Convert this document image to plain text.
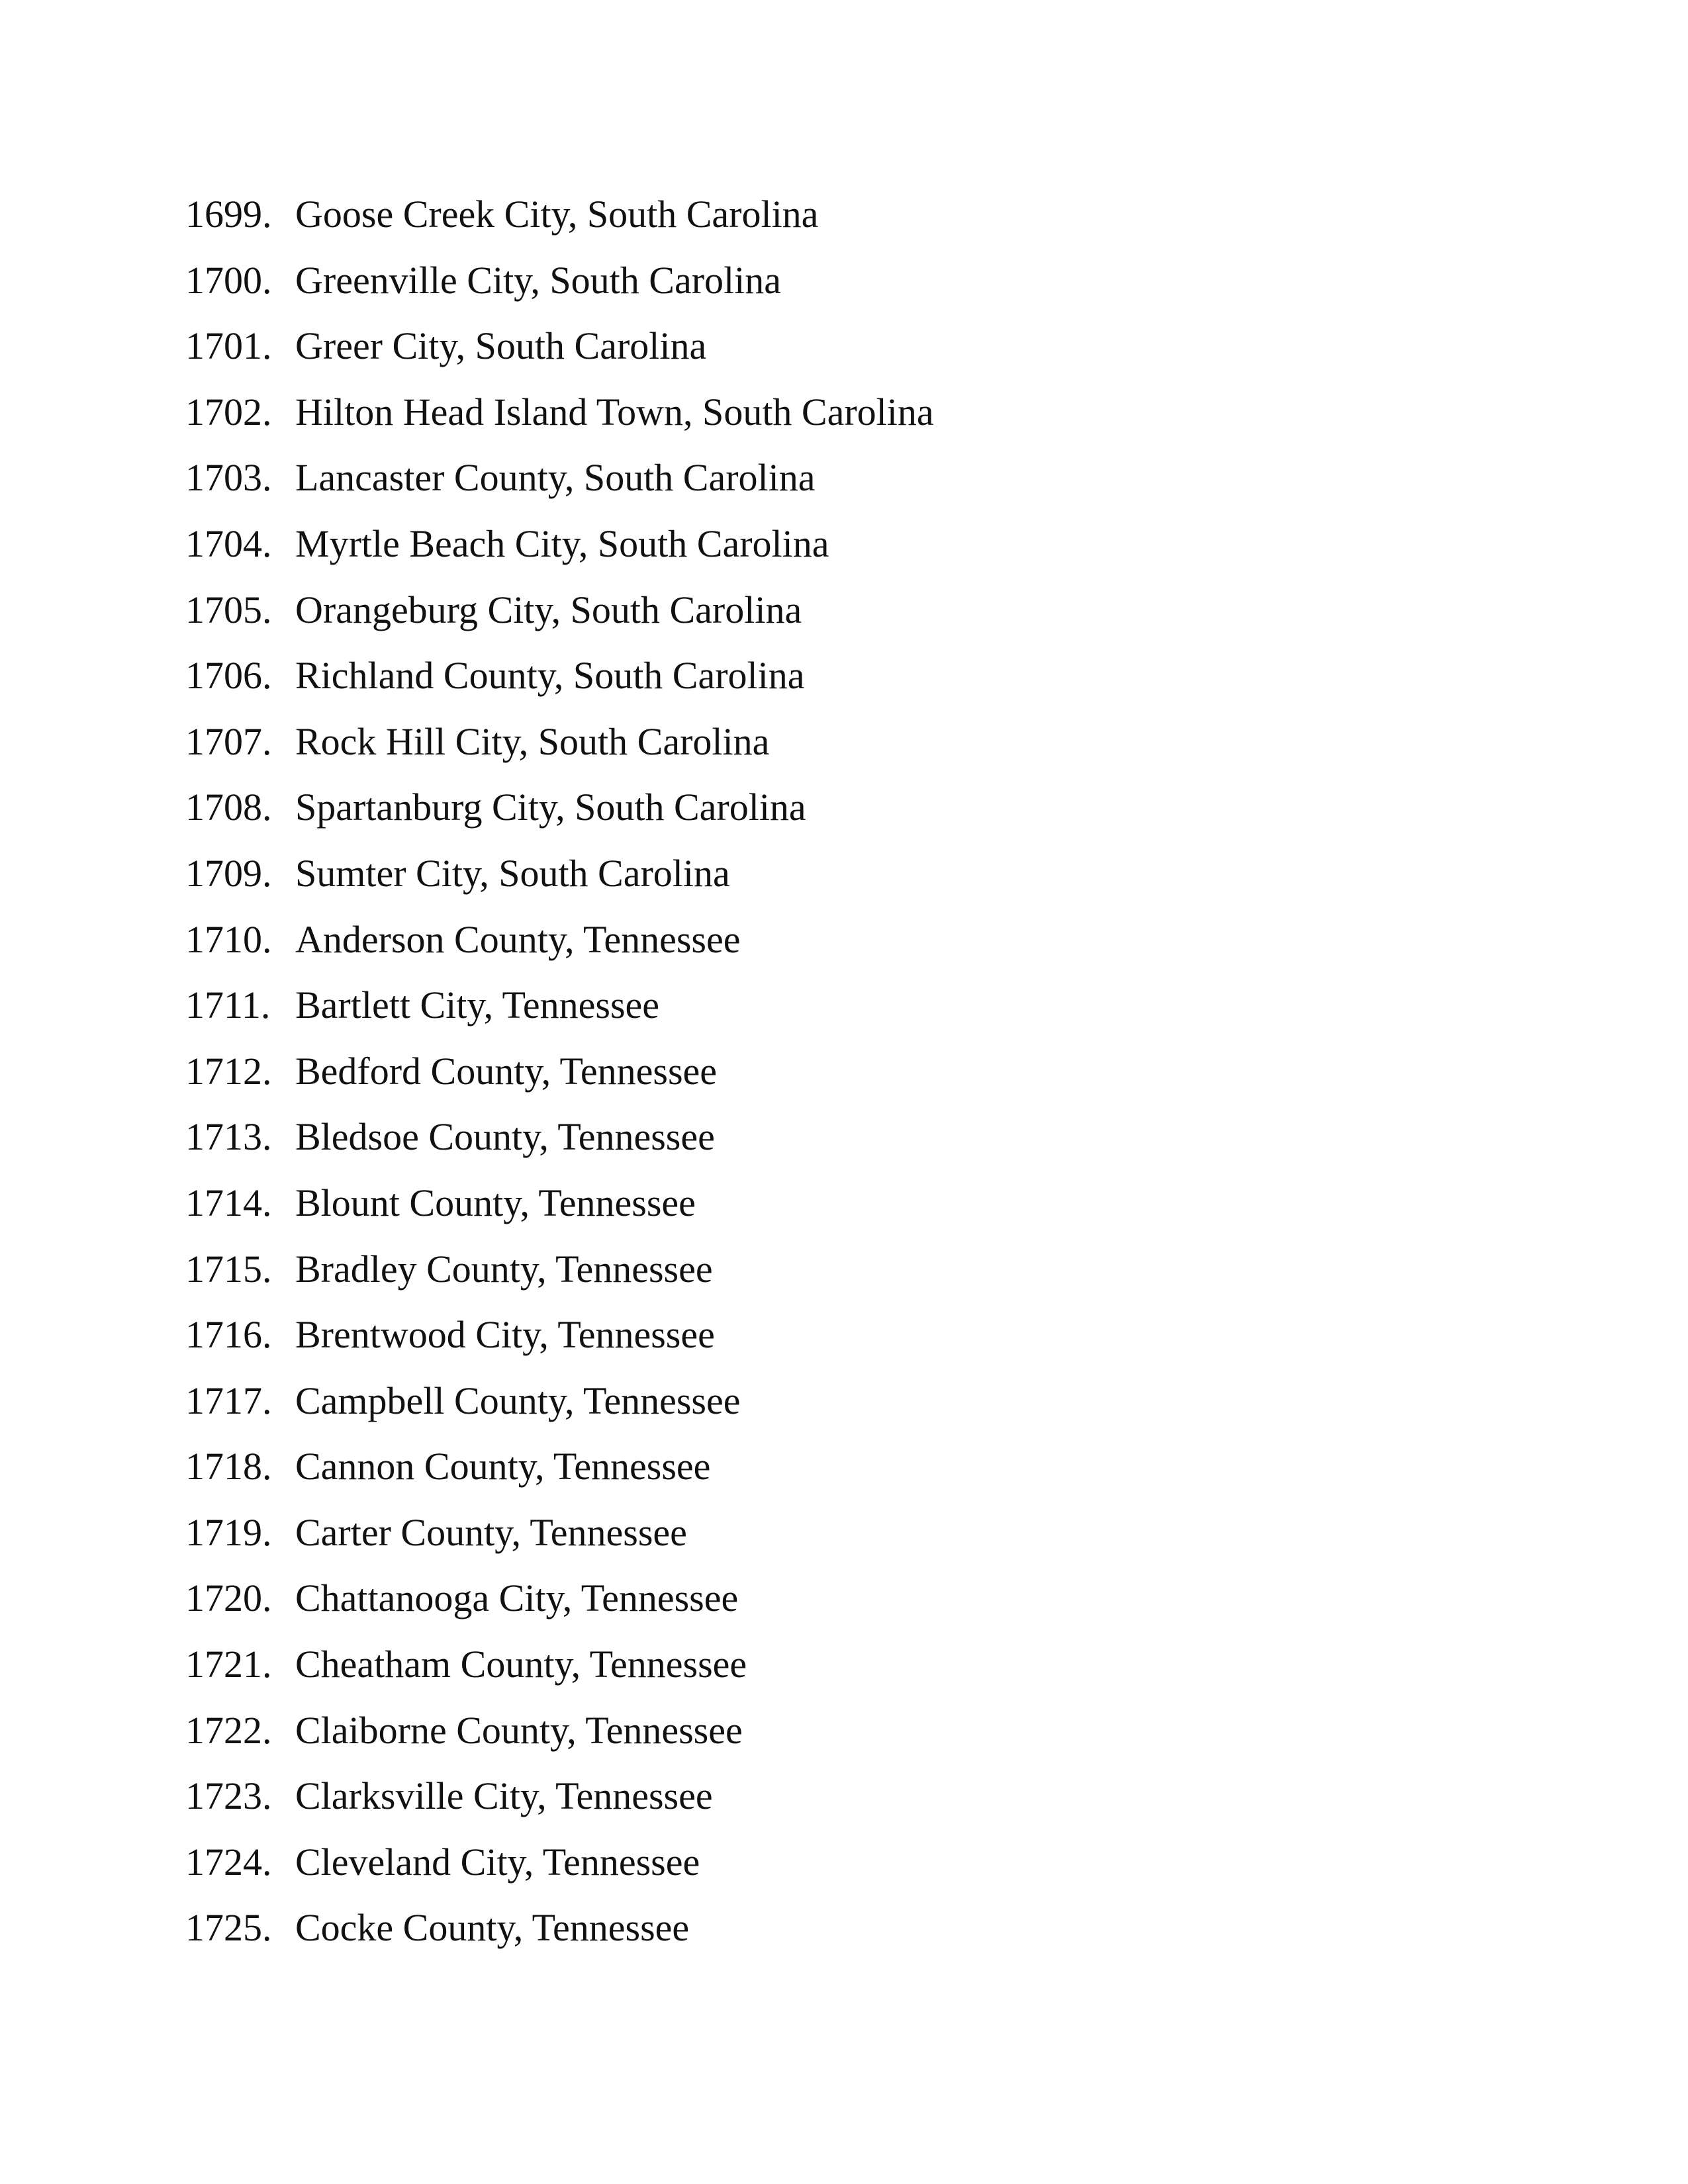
1699. Goose Creek City, South Carolina
1700. Greenville City, South Carolina
1701. Greer City, South Carolina
1702. Hilton Head Island Town, South Carolina
1703. Lancaster County, South Carolina
1704. Myrtle Beach City, South Carolina
1705. Orangeburg City, South Carolina
1706. Richland County, South Carolina
1707. Rock Hill City, South Carolina
1708. Spartanburg City, South Carolina
1709. Sumter City, South Carolina
1710. Anderson County, Tennessee
1711. Bartlett City, Tennessee
1712. Bedford County, Tennessee
1713. Bledsoe County, Tennessee
1714. Blount County, Tennessee
1715. Bradley County, Tennessee
1716. Brentwood City, Tennessee
1717. Campbell County, Tennessee
1718. Cannon County, Tennessee
1719. Carter County, Tennessee
1720. Chattanooga City, Tennessee
1721. Cheatham County, Tennessee
1722. Claiborne County, Tennessee
1723. Clarksville City, Tennessee
1724. Cleveland City, Tennessee
1725. Cocke County, Tennessee
